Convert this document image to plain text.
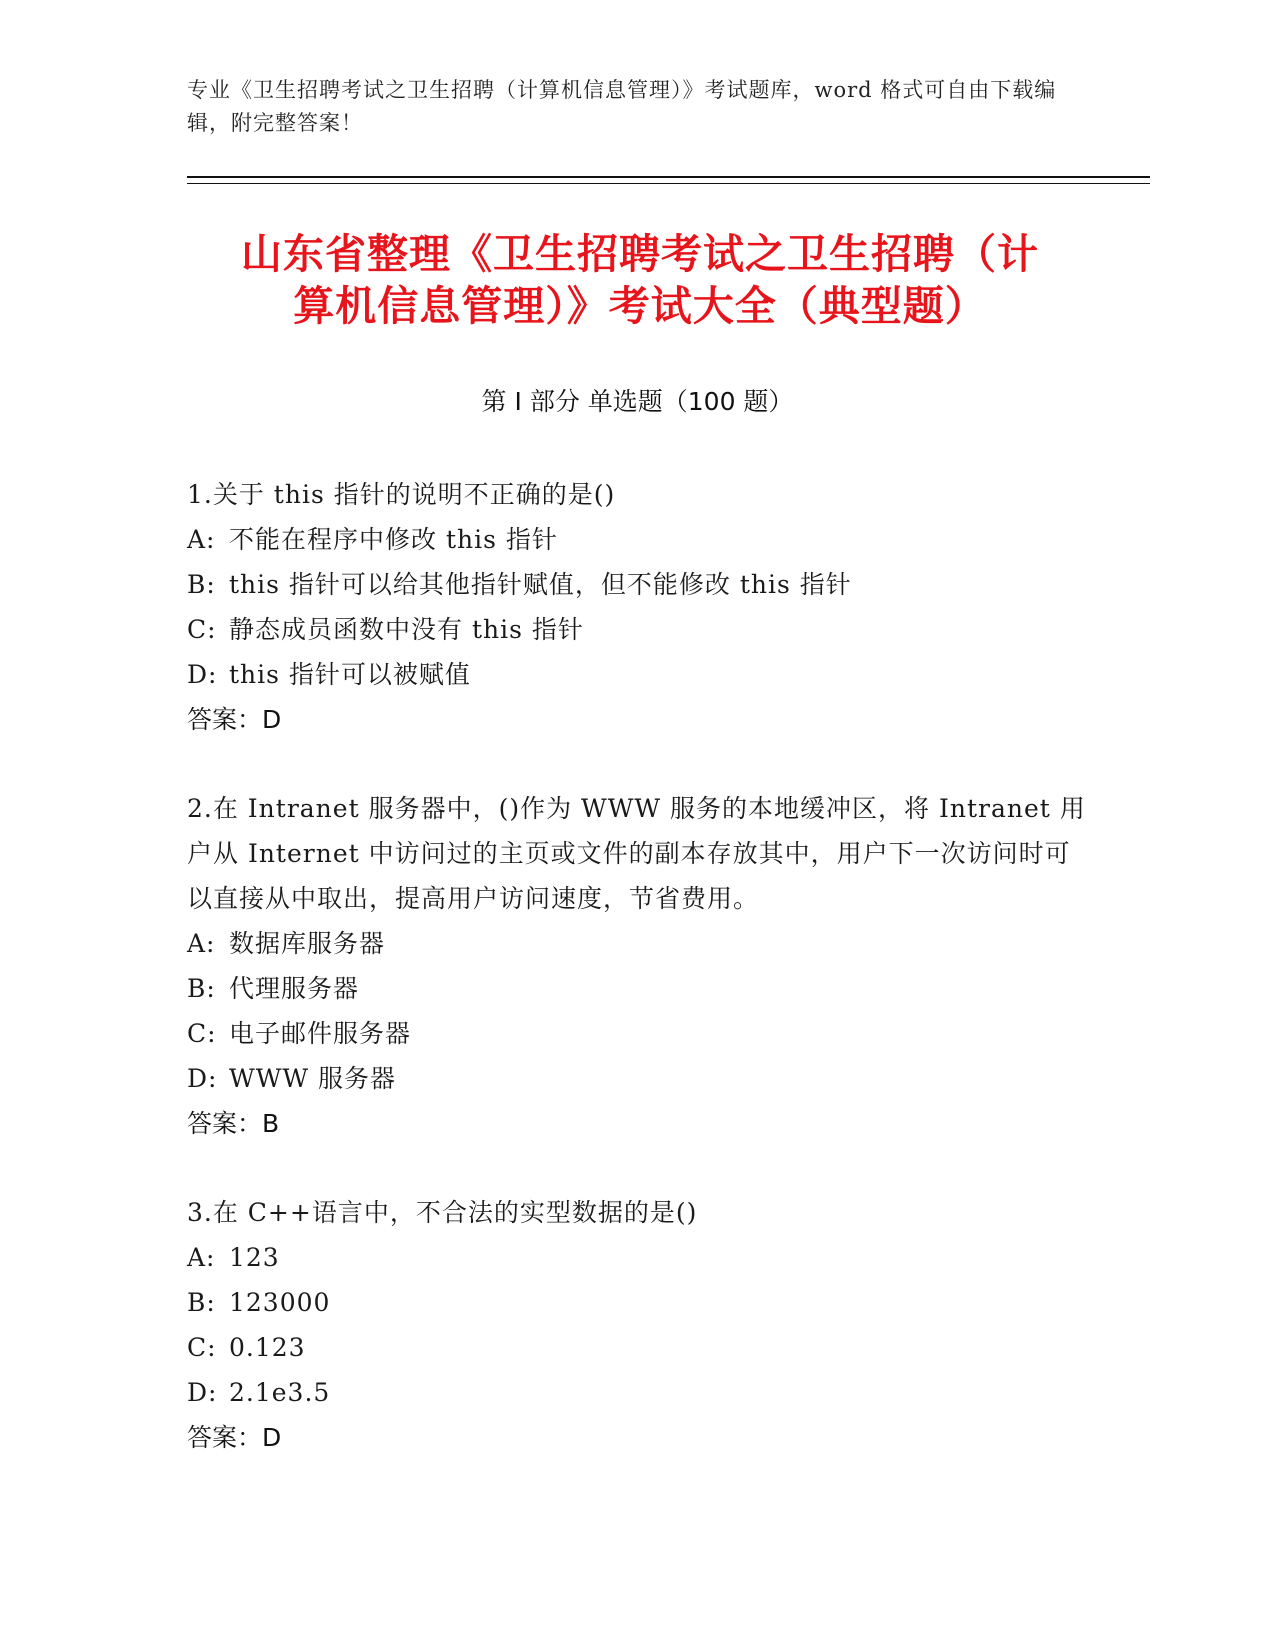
专业《卫生招聘考试之卫生招聘（计算机信息管理）》考试题库，word 格式可自由下载编辑，附完整答案！
山东省整理《卫生招聘考试之卫生招聘（计
算机信息管理）》考试大全（典型题）
第 I 部分 单选题（100 题）
1.关于 this 指针的说明不正确的是()
A: 不能在程序中修改 this 指针
B: this 指针可以给其他指针赋值，但不能修改 this 指针
C: 静态成员函数中没有 this 指针
D: this 指针可以被赋值
答案：D
2.在 Intranet 服务器中，()作为 WWW 服务的本地缓冲区，将 Intranet 用户从 Internet 中访问过的主页或文件的副本存放其中，用户下一次访问时可以直接从中取出，提高用户访问速度，节省费用。
A: 数据库服务器
B: 代理服务器
C: 电子邮件服务器
D: WWW 服务器
答案：B
3.在 C++语言中，不合法的实型数据的是()
A: 123
B: 123000
C: 0.123
D: 2.1e3.5
答案：D
